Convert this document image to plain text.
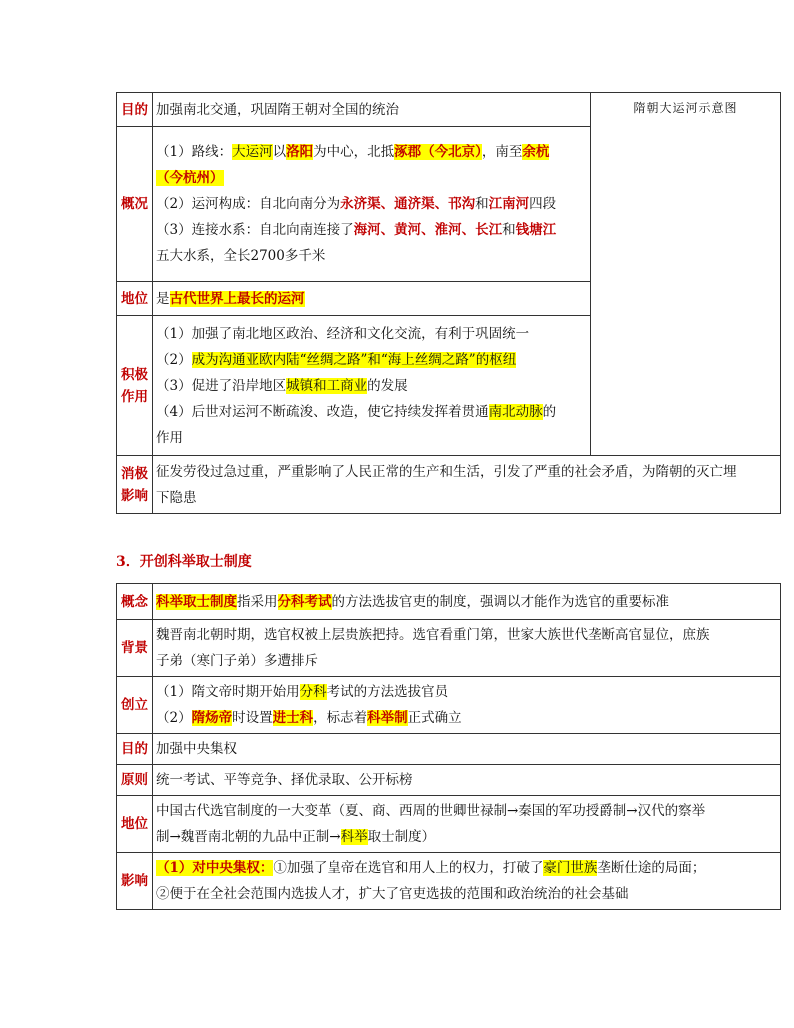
目的	加强南北交通，巩固隋王朝对全国的统治	隋朝大运河示意图
概况	（1）路线：大运河以洛阳为中心，北抵涿郡（今北京），南至余杭
（今杭州）
（2）运河构成：自北向南分为永济渠、通济渠、邗沟和江南河四段
（3）连接水系：自北向南连接了海河、黄河、淮河、长江和钱塘江
五大水系，全长2700多千米	

地位	是古代世界上最长的运河	
积极
作用	（1）加强了南北地区政治、经济和文化交流，有利于巩固统一
（2）成为沟通亚欧内陆“丝绸之路”和“海上丝绸之路”的枢纽
（3）促进了沿岸地区城镇和工商业的发展
（4）后世对运河不断疏浚、改造，使它持续发挥着贯通南北动脉的
作用	

消极
影响	征发劳役过急过重，严重影响了人民正常的生产和生活，引发了严重的社会矛盾，为隋朝的灭亡埋
下隐患	
3．开创科举取士制度
概念	科举取士制度指采用分科考试的方法选拔官吏的制度，强调以才能作为选官的重要标准
背景	魏晋南北朝时期，选官权被上层贵族把持。选官看重门第，世家大族世代垄断高官显位，庶族
子弟（寒门子弟）多遭排斥

创立	（1）隋文帝时期开始用分科考试的方法选拔官员
（2）隋炀帝时设置进士科，标志着科举制正式确立

目的	加强中央集权
原则	统一考试、平等竞争、择优录取、公开标榜
地位	中国古代选官制度的一大变革（夏、商、西周的世卿世禄制→秦国的军功授爵制→汉代的察举
制→魏晋南北朝的九品中正制→科举取士制度）

影响	（1）对中央集权：①加强了皇帝在选官和用人上的权力，打破了豪门世族垄断仕途的局面；
②便于在全社会范围内选拔人才，扩大了官吏选拔的范围和政治统治的社会基础
